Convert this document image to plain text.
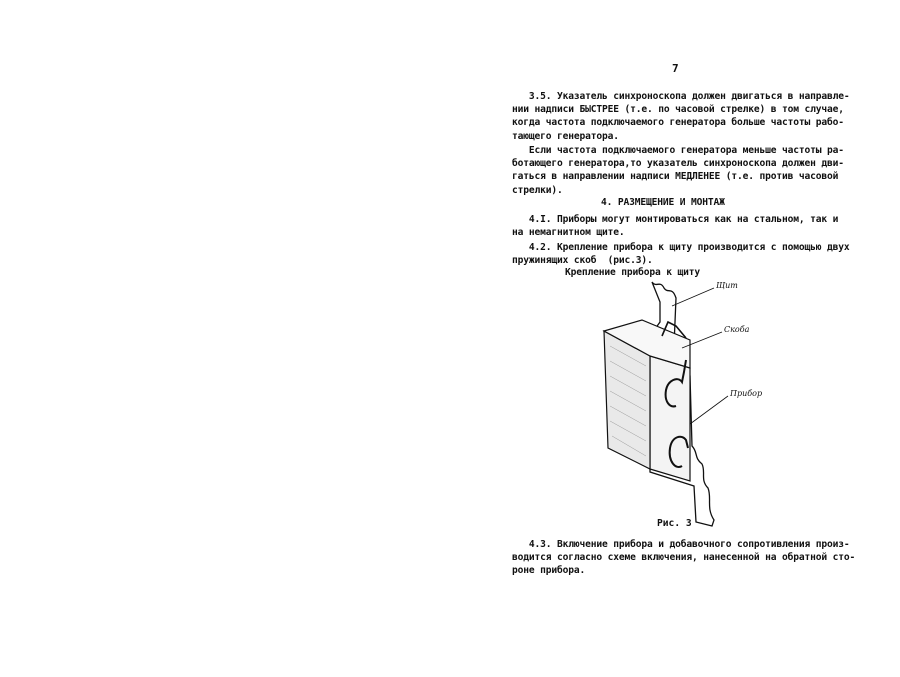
7
3.5. Указатель синхроноскопа должен двигаться в направле-
нии надписи БЫСТРЕЕ (т.е. по часовой стрелке) в том случае,
когда частота подключаемого генератора больше частоты рабо-
тающего генератора.
Если частота подключаемого генератора меньше частоты ра-
ботающего генератора,то указатель синхроноскопа должен дви-
гаться в направлении надписи МЕДЛЕНЕЕ (т.е. против часовой
стрелки).
4. РАЗМЕЩЕНИЕ И МОНТАЖ
4.I. Приборы могут монтироваться как на стальном, так и
на немагнитном щите.
4.2. Крепление прибора к щиту производится с помощью двух
пружинящих скоб  (рис.3).
Крепление прибора к щиту
Щит
Скоба
Прибор
Рис. 3
4.3. Включение прибора и добавочного сопротивления произ-
водится согласно схеме включения, нанесенной на обратной сто-
роне прибора.
